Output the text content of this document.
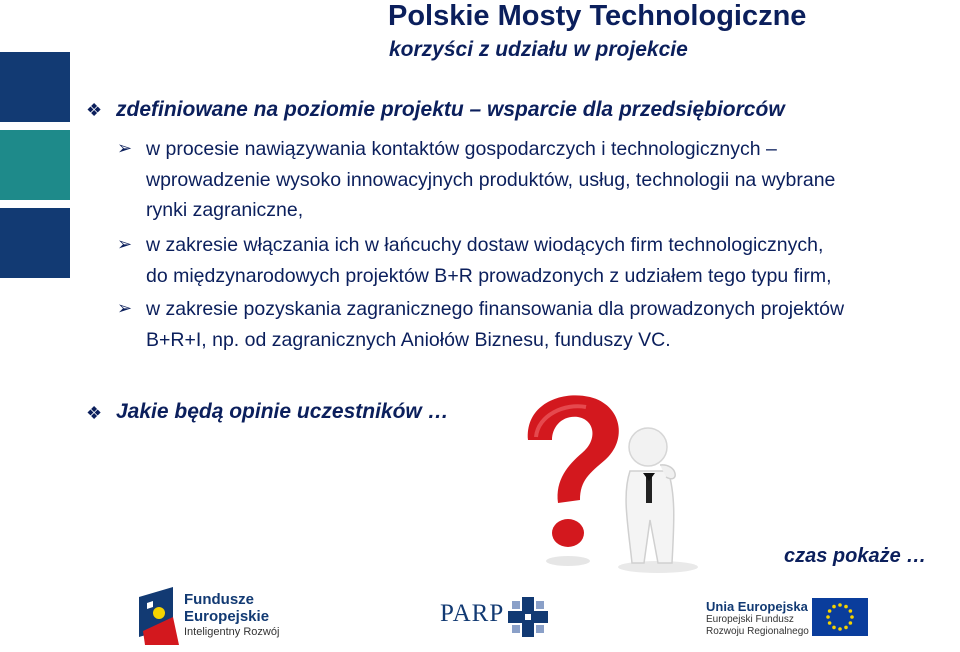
Polskie Mosty Technologiczne
korzyści z udziału w projekcie
❖ zdefiniowane na poziomie projektu – wsparcie dla przedsiębiorców
➢ w procesie nawiązywania kontaktów gospodarczych i technologicznych –
wprowadzenie wysoko innowacyjnych produktów, usług, technologii na wybrane
rynki zagraniczne,
➢ w zakresie włączania ich w łańcuchy dostaw wiodących firm technologicznych,
do międzynarodowych projektów B+R prowadzonych z udziałem tego typu firm,
➢ w zakresie pozyskania zagranicznego finansowania dla prowadzonych projektów
B+R+I, np. od zagranicznych Aniołów Biznesu, funduszy VC.
❖ Jakie będą opinie uczestników …
czas pokaże …
Fundusze
Europejskie
Inteligentny Rozwój
PARP	Unia Europejska
Europejski Fundusz
Rozwoju Regionalnego
